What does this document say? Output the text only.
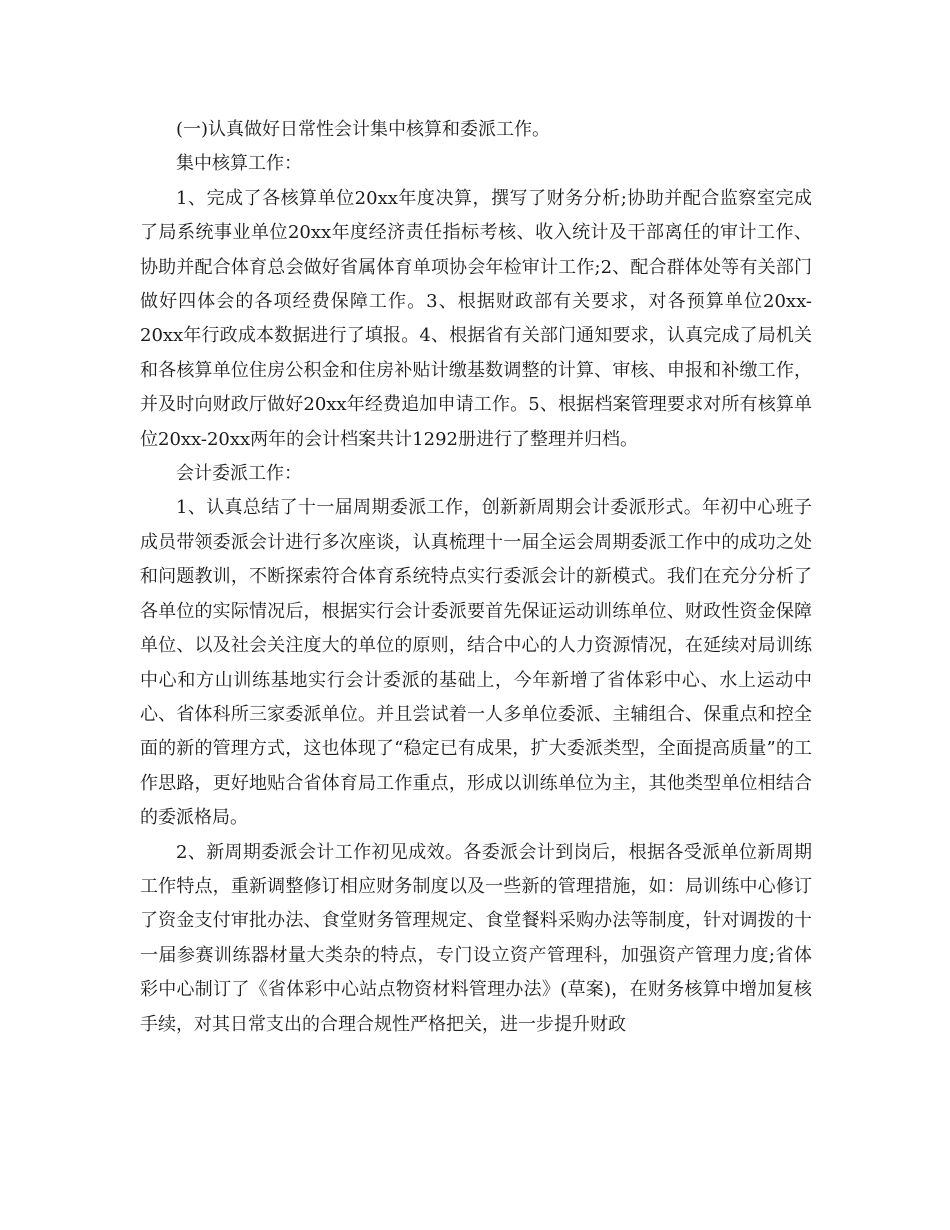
(一)认真做好日常性会计集中核算和委派工作。

集中核算工作：

1、完成了各核算单位20xx年度决算，撰写了财务分析;协助并配合监察室完成了局系统事业单位20xx年度经济责任指标考核、收入统计及干部离任的审计工作、协助并配合体育总会做好省属体育单项协会年检审计工作;2、配合群体处等有关部门做好四体会的各项经费保障工作。3、根据财政部有关要求，对各预算单位20xx-20xx年行政成本数据进行了填报。4、根据省有关部门通知要求，认真完成了局机关和各核算单位住房公积金和住房补贴计缴基数调整的计算、审核、申报和补缴工作，并及时向财政厅做好20xx年经费追加申请工作。5、根据档案管理要求对所有核算单位20xx-20xx两年的会计档案共计1292册进行了整理并归档。

会计委派工作：

1、认真总结了十一届周期委派工作，创新新周期会计委派形式。年初中心班子成员带领委派会计进行多次座谈，认真梳理十一届全运会周期委派工作中的成功之处和问题教训，不断探索符合体育系统特点实行委派会计的新模式。我们在充分分析了各单位的实际情况后，根据实行会计委派要首先保证运动训练单位、财政性资金保障单位、以及社会关注度大的单位的原则，结合中心的人力资源情况，在延续对局训练中心和方山训练基地实行会计委派的基础上，今年新增了省体彩中心、水上运动中心、省体科所三家委派单位。并且尝试着一人多单位委派、主辅组合、保重点和控全面的新的管理方式，这也体现了“稳定已有成果，扩大委派类型，全面提高质量”的工作思路，更好地贴合省体育局工作重点，形成以训练单位为主，其他类型单位相结合的委派格局。

2、新周期委派会计工作初见成效。各委派会计到岗后，根据各受派单位新周期工作特点，重新调整修订相应财务制度以及一些新的管理措施，如：局训练中心修订了资金支付审批办法、食堂财务管理规定、食堂餐料采购办法等制度，针对调拨的十一届参赛训练器材量大类杂的特点，专门设立资产管理科，加强资产管理力度;省体彩中心制订了《省体彩中心站点物资材料管理办法》(草案)，在财务核算中增加复核手续，对其日常支出的合理合规性严格把关，进一步提升财政
